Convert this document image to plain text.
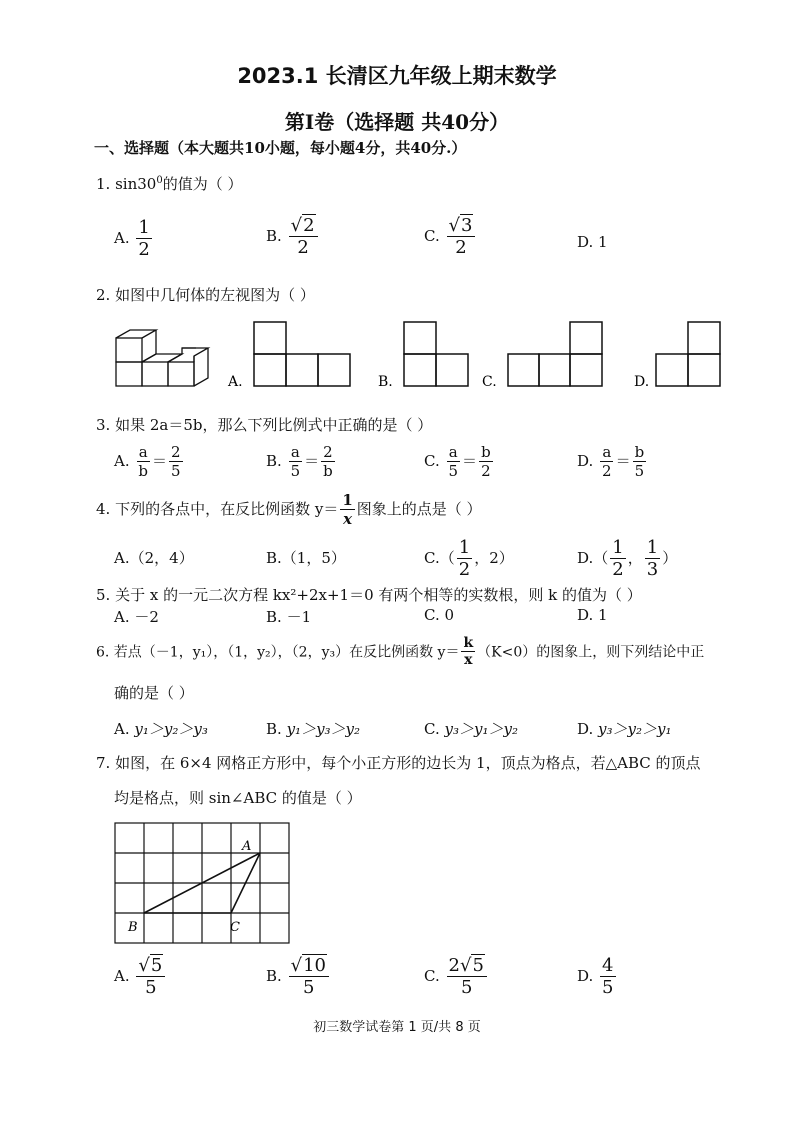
2023.1 长清区九年级上期末数学
第Ⅰ卷（选择题 共40分）
一、选择题（本大题共10小题，每小题4分，共40分.）
1. $\sin 30^0$的值为（ ）
A. $\frac{1}{2}$	B. $\frac{√2}{2}$	C. $\frac{√3}{2}$	D. 1
2. 如图中几何体的左视图为（ ）
A.	B.	C.	D.
3. 如果 2a＝5b，那么下列比例式中正确的是（ ）
A. $\frac{a}{b} = \frac{2}{5}$	B. $\frac{a}{5} = \frac{2}{b}$	C. $\frac{a}{5} = \frac{b}{2}$	D. $\frac{a}{2} = \frac{b}{5}$
4. 下列的各点中，在反比例函数 $y= \frac{1}{x}$ 图象上的点是（ ）
A.（2，4）	B.（1，5）	$C.( \frac{1}{2}$ ，2）	$D.( \frac{1}{2}$ ， $\frac{1}{3}$ ）
5. 关于 x 的一元二次方程 kx²+2x+1＝0 有两个相等的实数根，则 k 的值为（ ）
A. －2	B. －1	C. 0	D. 1
6. 若点（－1，y₁），（1，y₂），（2，y₃）在反比例函数 $y= \frac{k}{x} (K<0)$的图象上，则下列结论中正
确的是（ ）
A. y₁＞y₂＞y₃	B. y₁＞y₃＞y₂	C. y₃＞y₁＞y₂	D. y₃＞y₂＞y₁
7. 如图，在 6×4 网格正方形中，每个小正方形的边长为 1，顶点为格点，若△ABC 的顶点
均是格点，则 sin∠ABC 的值是（ ）
A
B	C
A. $\frac{√5}{5}$	B. $\frac{√10}{5}$	C. $\frac{2√5}{5}$	D. $\frac{4}{5}$
初三数学试卷第 1 页/共 8 页
